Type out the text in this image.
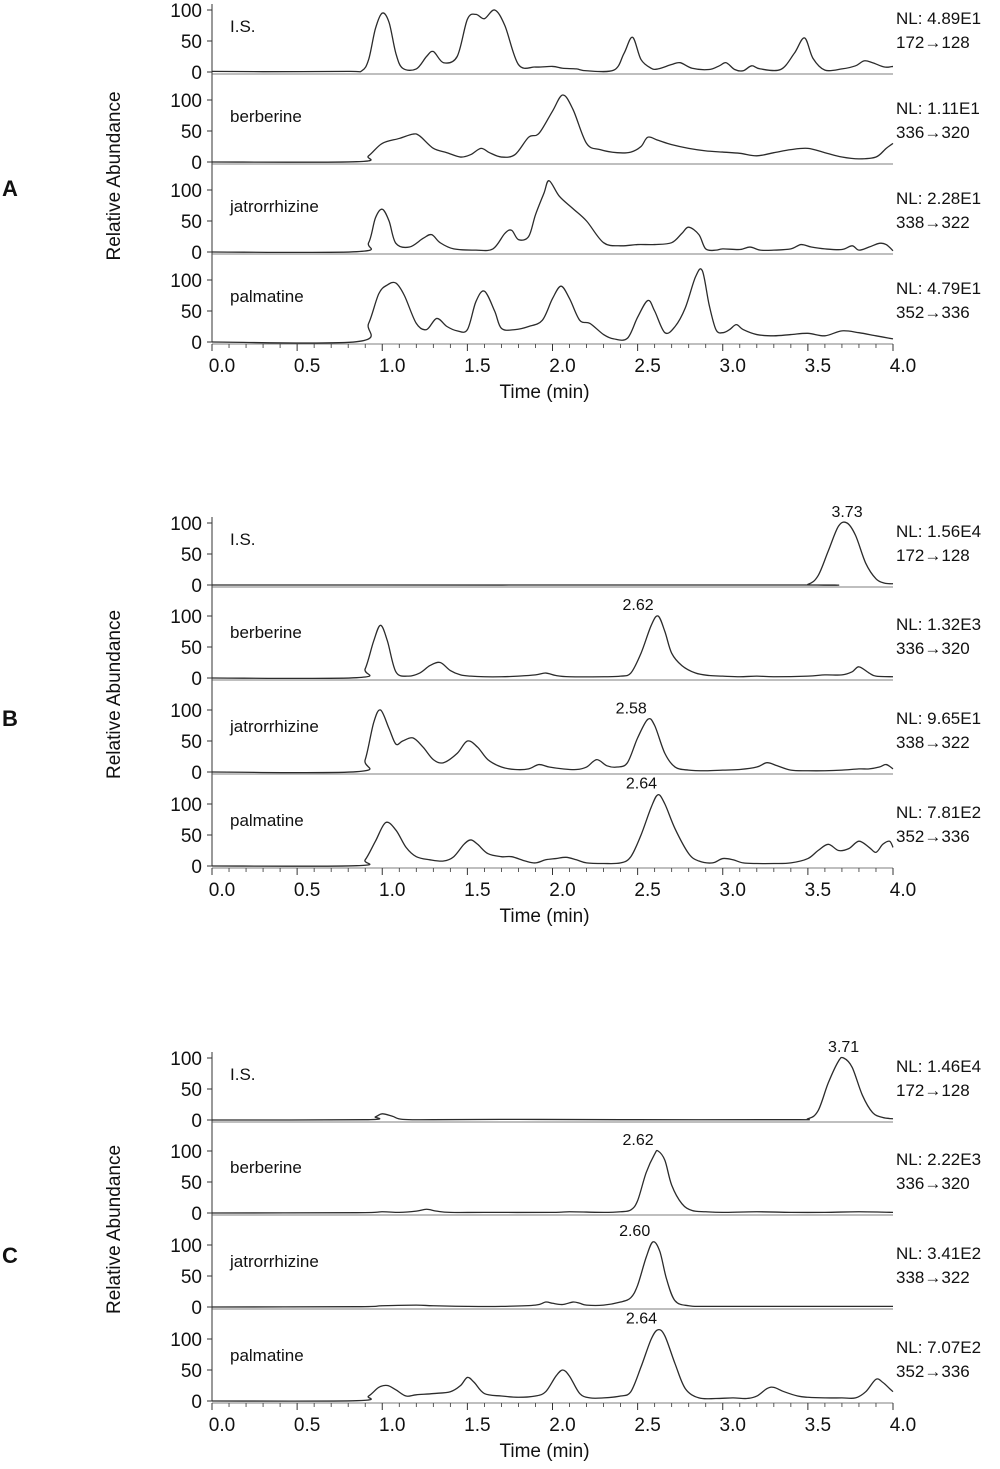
A	Relative Abundance
0
50
100
I.S.	NL: 4.89E1
172→128
0
50
100
berberine	NL: 1.11E1
336→320
0
50
100
jatrorrhizine	NL: 2.28E1
338→322
0
50
100
palmatine	NL: 4.79E1
352→336
0.0	0.5	1.0	1.5	2.0	2.5	3.0	3.5	4.0
Time (min)
B	Relative Abundance
0
50
100
I.S.	NL: 1.56E4
172→128
3.73
0
50
100
berberine	NL: 1.32E3
336→320
2.62
0
50
100
jatrorrhizine	NL: 9.65E1
338→322
2.58
0
50
100
palmatine	NL: 7.81E2
352→336
2.64
0.0	0.5	1.0	1.5	2.0	2.5	3.0	3.5	4.0
Time (min)
C	Relative Abundance
0
50
100
I.S.	NL: 1.46E4
172→128
3.71
0
50
100
berberine	NL: 2.22E3
336→320
2.62
0
50
100
jatrorrhizine	NL: 3.41E2
338→322
2.60
0
50
100
palmatine	NL: 7.07E2
352→336
2.64
0.0	0.5	1.0	1.5	2.0	2.5	3.0	3.5	4.0
Time (min)
